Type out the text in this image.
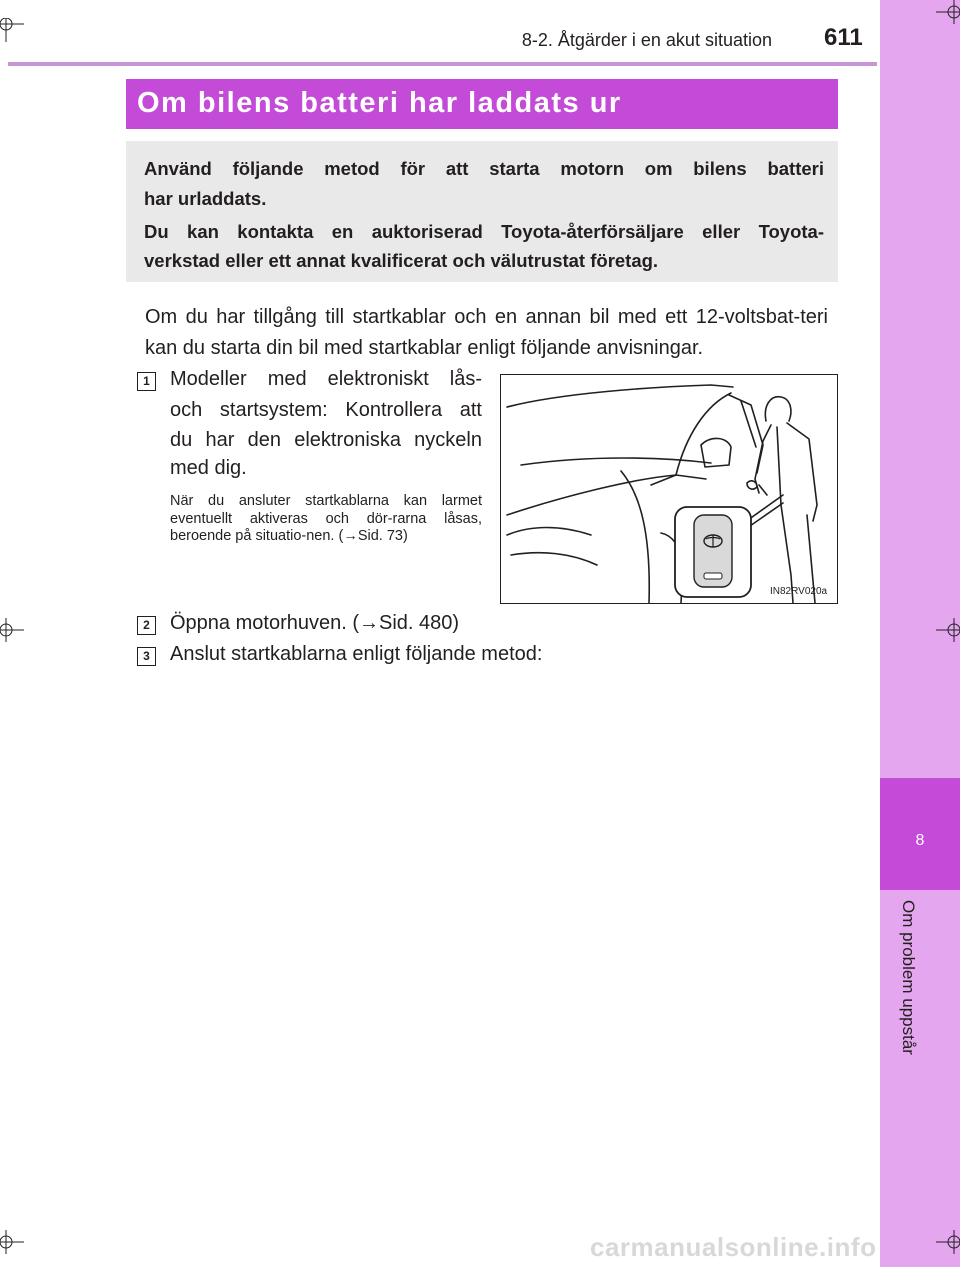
8-2. Åtgärder i en akut situation 611
8
Om problem uppstår
Om bilens batteri har laddats ur
Använd följande metod för att starta motorn om bilens batteri
har urladdats.
Du kan kontakta en auktoriserad Toyota-återförsäljare eller Toyota-
verkstad eller ett annat kvalificerat och välutrustat företag.
Om du har tillgång till startkablar och en annan bil med ett 12-voltsbat-teri kan du starta din bil med startkablar enligt följande anvisningar.
1	Modeller med elektroniskt lås-
och startsystem: Kontrollera att
du har den elektroniska nyckeln
med dig.
När du ansluter startkablarna kan larmet eventuellt aktiveras och dör-rarna låsas, beroende på situatio-nen. (→Sid. 73)
IN82RV020a
2	Öppna motorhuven. (→Sid. 480)
3	Anslut startkablarna enligt följande metod:
carmanualsonline.info
